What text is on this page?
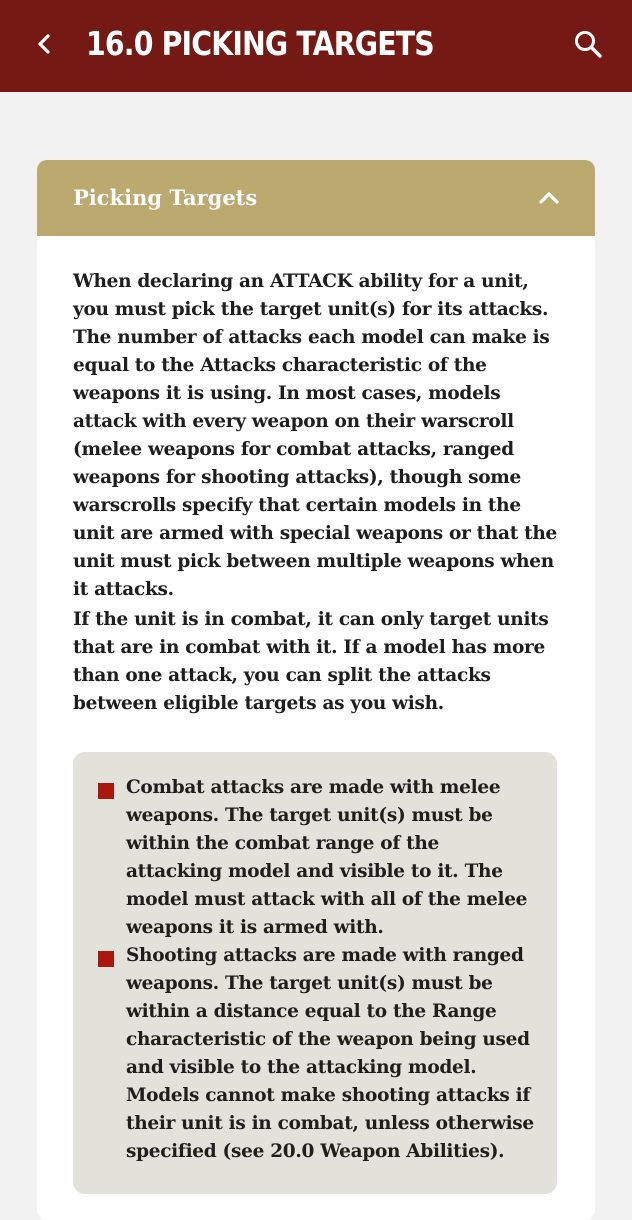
16.0 PICKING TARGETS
Picking Targets

When declaring an ATTACK ability for a unit, you must pick the target unit(s) for its attacks. The number of attacks each model can make is equal to the Attacks characteristic of the weapons it is using. In most cases, models attack with every weapon on their warscroll (melee weapons for combat attacks, ranged weapons for shooting attacks), though some warscrolls specify that certain models in the unit are armed with special weapons or that the unit must pick between multiple weapons when it attacks.

If the unit is in combat, it can only target units that are in combat with it. If a model has more than one attack, you can split the attacks between eligible targets as you wish.

Combat attacks are made with melee weapons. The target unit(s) must be within the combat range of the attacking model and visible to it. The model must attack with all of the melee weapons it is armed with.

Shooting attacks are made with ranged weapons. The target unit(s) must be within a distance equal to the Range characteristic of the weapon being used and visible to the attacking model. Models cannot make shooting attacks if their unit is in combat, unless otherwise specified (see 20.0 Weapon Abilities).
